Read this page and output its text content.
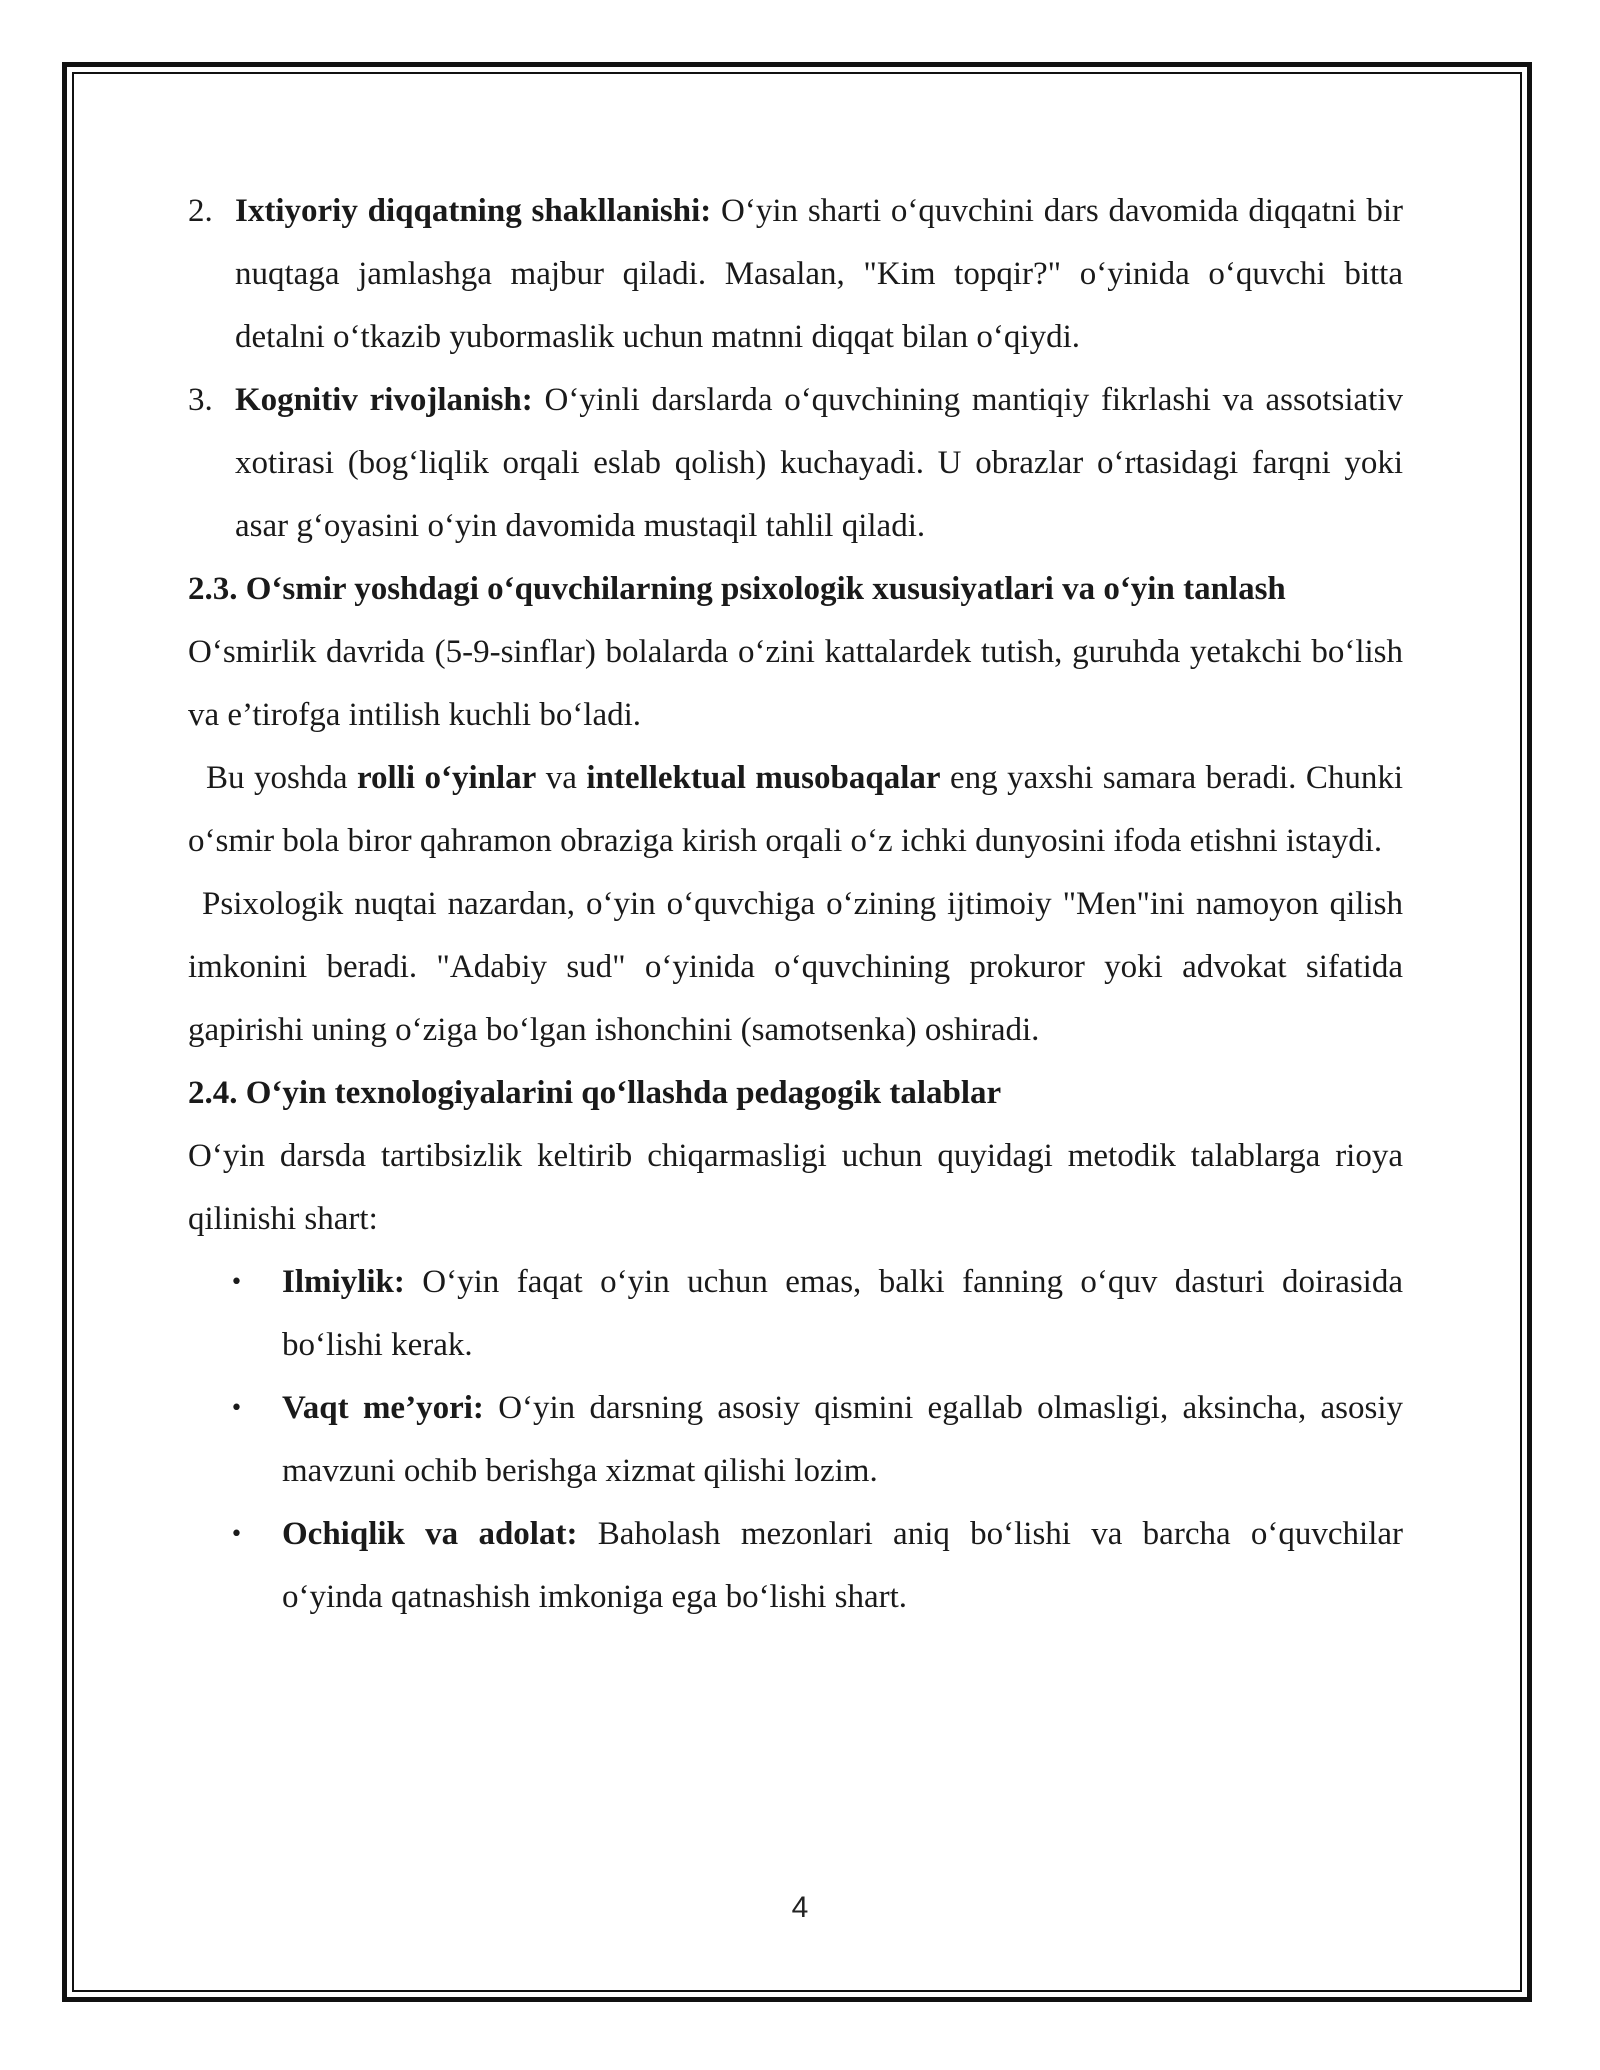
2. Ixtiyoriy diqqatning shakllanishi: O‘yin sharti o‘quvchini dars davomida diqqatni bir nuqtaga jamlashga majbur qiladi. Masalan, "Kim topqir?" o‘yinida o‘quvchi bitta detalni o‘tkazib yubormaslik uchun matnni diqqat bilan o‘qiydi.
3. Kognitiv rivojlanish: O‘yinli darslarda o‘quvchining mantiqiy fikrlashi va assotsiativ xotirasi (bog‘liqlik orqali eslab qolish) kuchayadi. U obrazlar o‘rtasidagi farqni yoki asar g‘oyasini o‘yin davomida mustaqil tahlil qiladi.
2.3. O‘smir yoshdagi o‘quvchilarning psixologik xususiyatlari va o‘yin tanlash

O‘smirlik davrida (5-9-sinflar) bolalarda o‘zini kattalardek tutish, guruhda yetakchi bo‘lish va e’tirofga intilish kuchli bo‘ladi.

Bu yoshda rolli o‘yinlar va intellektual musobaqalar eng yaxshi samara beradi. Chunki o‘smir bola biror qahramon obraziga kirish orqali o‘z ichki dunyosini ifoda etishni istaydi.

Psixologik nuqtai nazardan, o‘yin o‘quvchiga o‘zining ijtimoiy "Men"ini namoyon qilish imkonini beradi. "Adabiy sud" o‘yinida o‘quvchining prokuror yoki advokat sifatida gapirishi uning o‘ziga bo‘lgan ishonchini (samotsenka) oshiradi.

2.4. O‘yin texnologiyalarini qo‘llashda pedagogik talablar

O‘yin darsda tartibsizlik keltirib chiqarmasligi uchun quyidagi metodik talablarga rioya qilinishi shart:

• Ilmiylik: O‘yin faqat o‘yin uchun emas, balki fanning o‘quv dasturi doirasida bo‘lishi kerak.
• Vaqt me’yori: O‘yin darsning asosiy qismini egallab olmasligi, aksincha, asosiy mavzuni ochib berishga xizmat qilishi lozim.
• Ochiqlik va adolat: Baholash mezonlari aniq bo‘lishi va barcha o‘quvchilar o‘yinda qatnashish imkoniga ega bo‘lishi shart.
4
